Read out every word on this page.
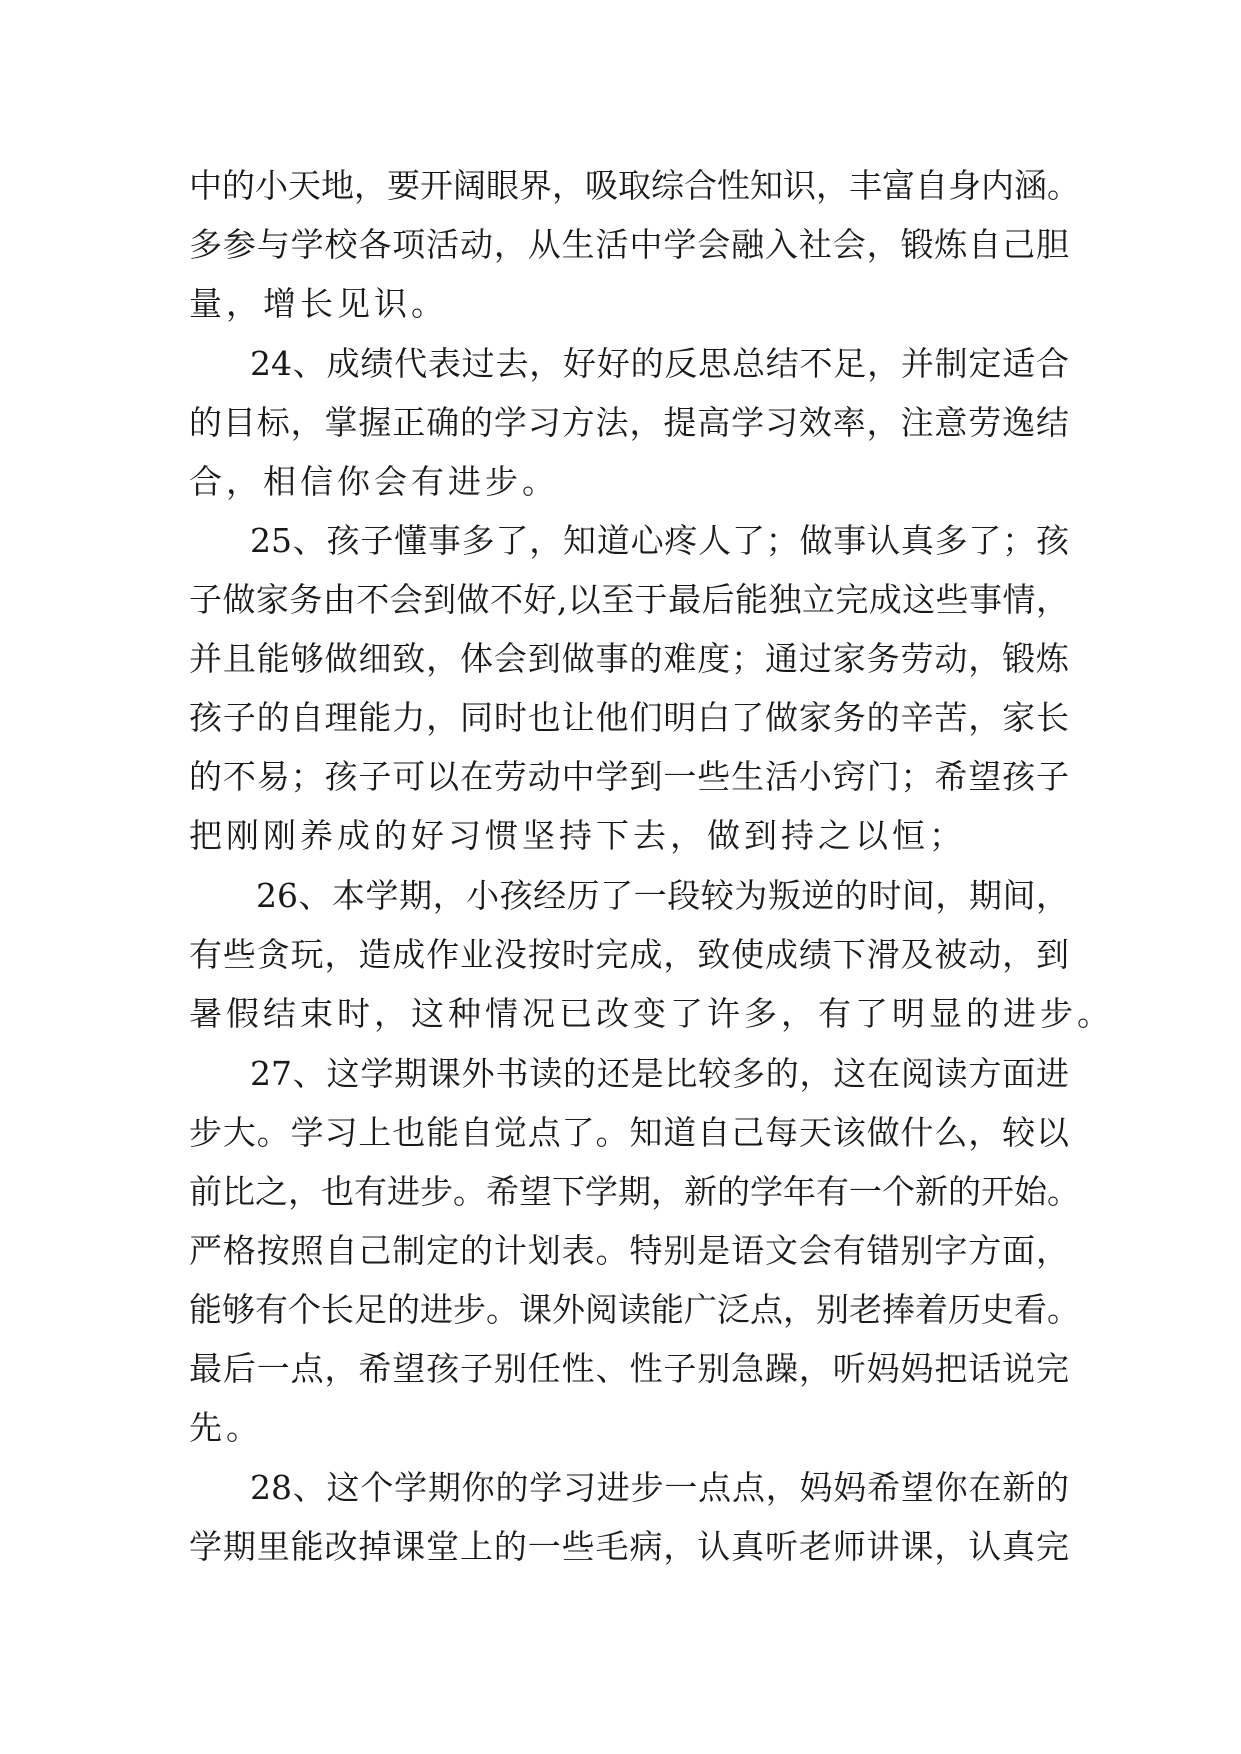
中的小天地，要开阔眼界，吸取综合性知识，丰富自身内涵。

多参与学校各项活动，从生活中学会融入社会，锻炼自己胆

量，增长见识。

24、成绩代表过去，好好的反思总结不足，并制定适合

的目标，掌握正确的学习方法，提高学习效率，注意劳逸结

合，相信你会有进步。

25、孩子懂事多了，知道心疼人了；做事认真多了；孩

子做家务由不会到做不好,以至于最后能独立完成这些事情，

并且能够做细致，体会到做事的难度；通过家务劳动，锻炼

孩子的自理能力，同时也让他们明白了做家务的辛苦，家长

的不易；孩子可以在劳动中学到一些生活小窍门；希望孩子

把刚刚养成的好习惯坚持下去，做到持之以恒；

26、本学期，小孩经历了一段较为叛逆的时间，期间，

有些贪玩，造成作业没按时完成，致使成绩下滑及被动，到

暑假结束时，这种情况已改变了许多，有了明显的进步。

27、这学期课外书读的还是比较多的，这在阅读方面进

步大。学习上也能自觉点了。知道自己每天该做什么，较以

前比之，也有进步。希望下学期，新的学年有一个新的开始。

严格按照自己制定的计划表。特别是语文会有错别字方面，

能够有个长足的进步。课外阅读能广泛点，别老捧着历史看。

最后一点，希望孩子别任性、性子别急躁，听妈妈把话说完

先。

28、这个学期你的学习进步一点点，妈妈希望你在新的

学期里能改掉课堂上的一些毛病，认真听老师讲课，认真完
